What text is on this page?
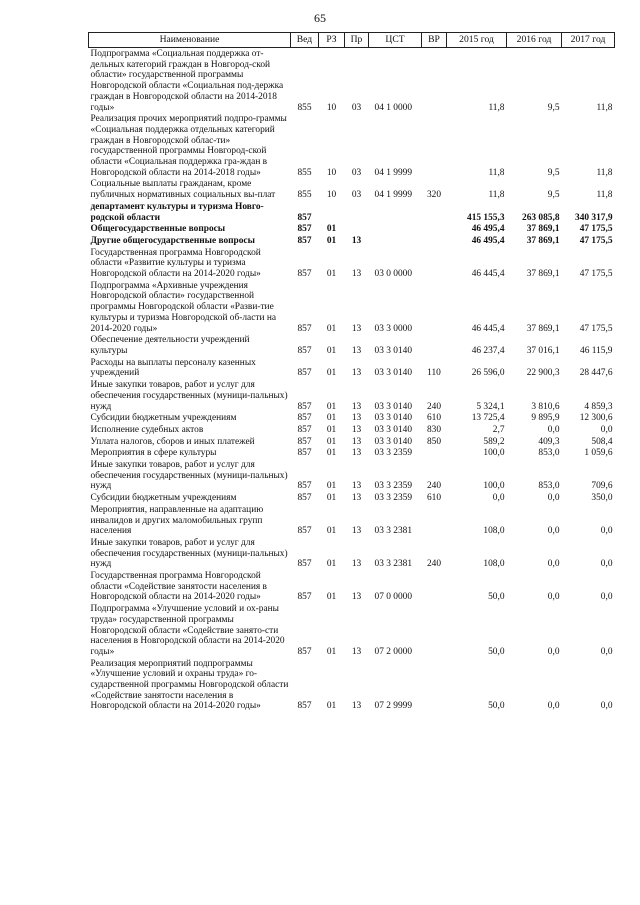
65
Наименование	Вед	РЗ	Пр	ЦСТ	ВР	2015 год	2016 год	2017 год
Подпрограмма «Социальная поддержка от-дельных категорий граждан в Новгород-ской области» государственной программы Новгородской области «Социальная под-держка граждан в Новгородской области на 2014-2018 годы»	855	10	03	04 1 0000		11,8	9,5	11,8
Реализация прочих мероприятий подпро-граммы «Социальная поддержка отдельных категорий граждан в Новгородской облас-ти» государственной программы Новгород-ской области «Социальная поддержка гра-ждан в Новгородской области на 2014-2018 годы»	855	10	03	04 1 9999		11,8	9,5	11,8
Социальные выплаты гражданам, кроме публичных нормативных социальных вы-плат	855	10	03	04 1 9999	320	11,8	9,5	11,8
департамент культуры и туризма Новго-родской области	857					415 155,3	263 085,8	340 317,9
Общегосударственные вопросы	857	01				46 495,4	37 869,1	47 175,5
Другие общегосударственные вопросы	857	01	13			46 495,4	37 869,1	47 175,5
Государственная программа Новгородской области «Развитие культуры и туризма Новгородской области на 2014-2020 годы»	857	01	13	03 0 0000		46 445,4	37 869,1	47 175,5
Подпрограмма «Архивные учреждения Новгородской области» государственной программы Новгородской области «Разви-тие культуры и туризма Новгородской об-ласти на 2014-2020 годы»	857	01	13	03 3 0000		46 445,4	37 869,1	47 175,5
Обеспечение деятельности учреждений культуры	857	01	13	03 3 0140		46 237,4	37 016,1	46 115,9
Расходы на выплаты персоналу казенных учреждений	857	01	13	03 3 0140	110	26 596,0	22 900,3	28 447,6
Иные закупки товаров, работ и услуг для обеспечения государственных (муници-пальных) нужд	857	01	13	03 3 0140	240	5 324,1	3 810,6	4 859,3
Субсидии бюджетным учреждениям	857	01	13	03 3 0140	610	13 725,4	9 895,9	12 300,6
Исполнение судебных актов	857	01	13	03 3 0140	830	2,7	0,0	0,0
Уплата налогов, сборов и иных платежей	857	01	13	03 3 0140	850	589,2	409,3	508,4
Мероприятия в сфере культуры	857	01	13	03 3 2359		100,0	853,0	1 059,6
Иные закупки товаров, работ и услуг для обеспечения государственных (муници-пальных) нужд	857	01	13	03 3 2359	240	100,0	853,0	709,6
Субсидии бюджетным учреждениям	857	01	13	03 3 2359	610	0,0	0,0	350,0
Мероприятия, направленные на адаптацию инвалидов и других маломобильных групп населения	857	01	13	03 3 2381		108,0	0,0	0,0
Иные закупки товаров, работ и услуг для обеспечения государственных (муници-пальных) нужд	857	01	13	03 3 2381	240	108,0	0,0	0,0
Государственная программа Новгородской области «Содействие занятости населения в Новгородской области на 2014-2020 годы»	857	01	13	07 0 0000		50,0	0,0	0,0
Подпрограмма «Улучшение условий и ох-раны труда» государственной программы Новгородской области «Содействие занято-сти населения в Новгородской области на 2014-2020 годы»	857	01	13	07 2 0000		50,0	0,0	0,0
Реализация мероприятий подпрограммы «Улучшение условий и охраны труда» го-сударственной программы Новгородской области «Содействие занятости населения в Новгородской области на 2014-2020 годы»	857	01	13	07 2 9999		50,0	0,0	0,0
